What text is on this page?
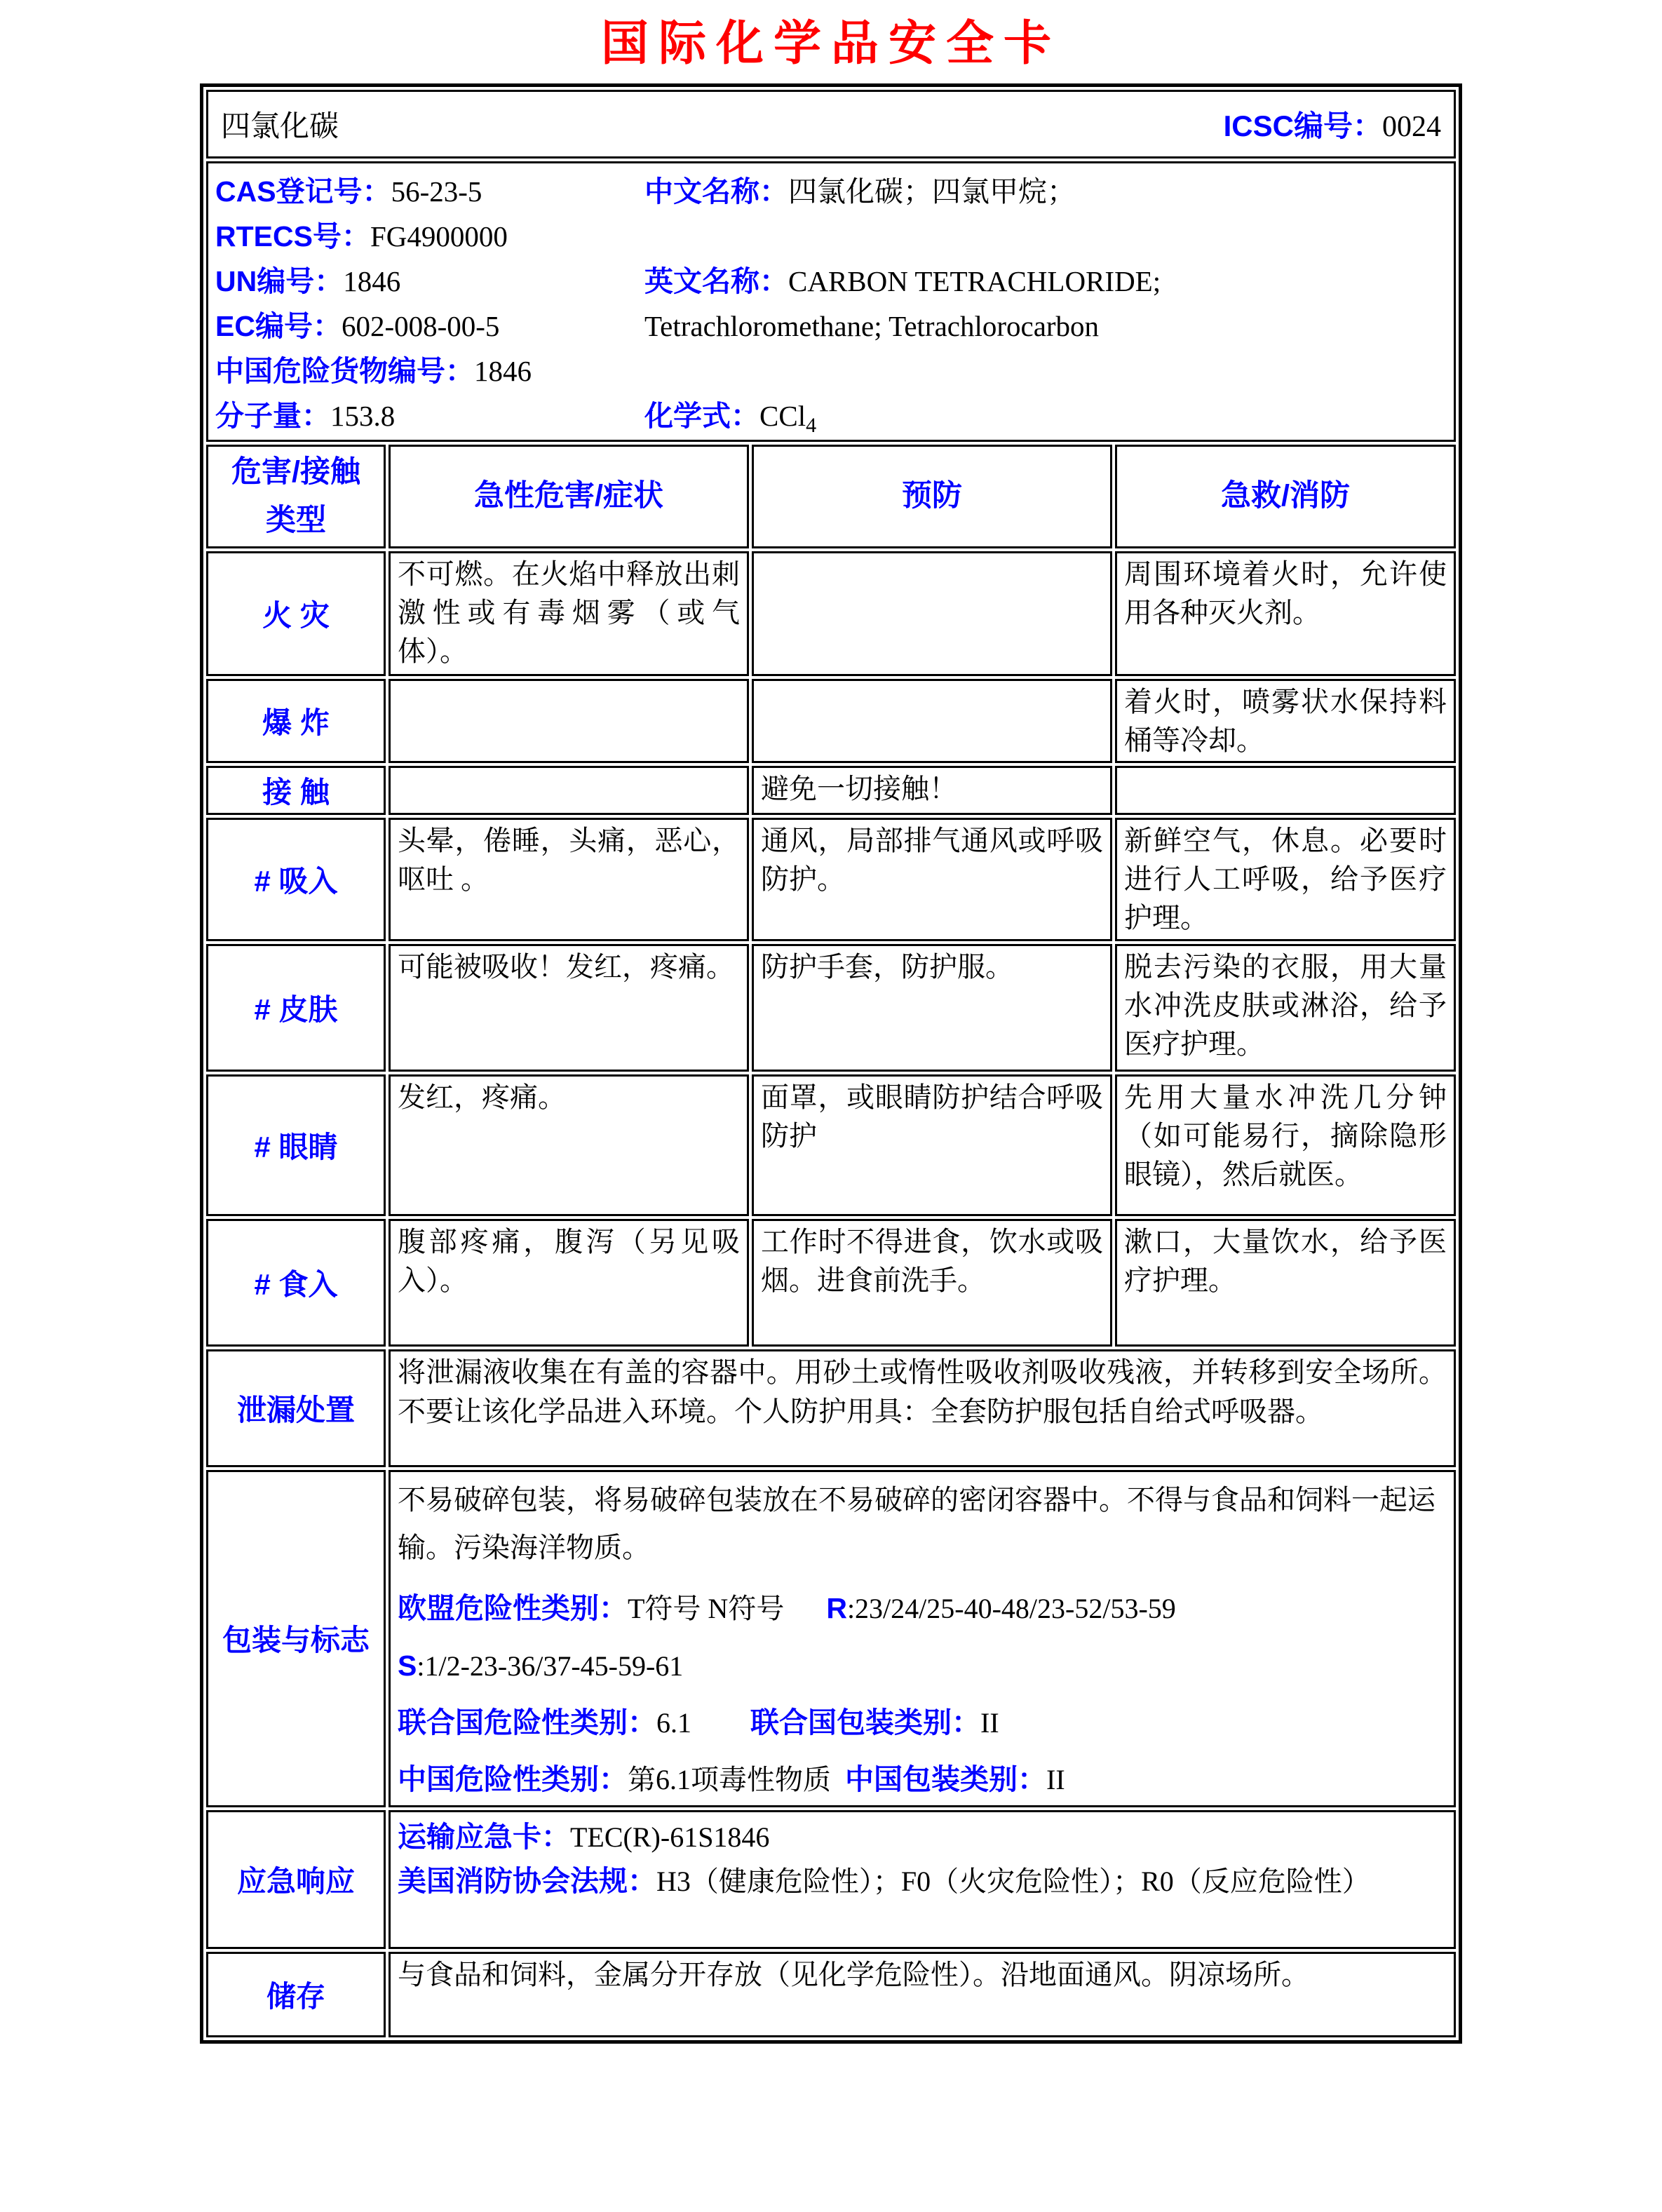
国际化学品安全卡
四氯化碳 ICSC编号：0024			

CAS登记号：56-23-5
RTECS号：FG4900000
UN编号：1846
EC编号：602-008-00-5
中国危险货物编号：1846
分子量：153.8
中文名称：四氯化碳；四氯甲烷；
英文名称：CARBON TETRACHLORIDE;
Tetrachloromethane; Tetrachlorocarbon
化学式：CCl$_4$

危害/接触类型	急性危害/症状	预防	急救/消防
火 灾	不可燃。在火焰中释放出刺激性或有毒烟雾（或气体）。		周围环境着火时，允许使用各种灭火剂。
爆 炸			着火时，喷雾状水保持料桶等冷却。
接 触		避免一切接触！	
# 吸入	头晕，倦睡，头痛，恶心，呕吐 。	通风，局部排气通风或呼吸防护。	新鲜空气，休息。必要时进行人工呼吸，给予医疗护理。
# 皮肤	可能被吸收！发红，疼痛。	防护手套，防护服。	脱去污染的衣服，用大量水冲洗皮肤或淋浴，给予医疗护理。
# 眼睛	发红，疼痛。	面罩，或眼睛防护结合呼吸防护	先用大量水冲洗几分钟（如可能易行，摘除隐形眼镜），然后就医。
# 食入	腹部疼痛，腹泻（另见吸入）。	工作时不得进食，饮水或吸烟。进食前洗手。	漱口，大量饮水，给予医疗护理。
泄漏处置	将泄漏液收集在有盖的容器中。用砂土或惰性吸收剂吸收残液，并转移到安全场所。不要让该化学品进入环境。个人防护用具：全套防护服包括自给式呼吸器。		
包装与标志	不易破碎包装，将易破碎包装放在不易破碎的密闭容器中。不得与食品和饲料一起运输。污染海洋物质。
欧盟危险性类别：T符号 N符号 R:23/24/25-40-48/23-52/53-59
S:1/2-23-36/37-45-59-61
联合国危险性类别：6.1 联合国包装类别：II
中国危险性类别：第6.1项毒性物质 中国包装类别：II		

应急响应	运输应急卡：TEC(R)-61S1846
美国消防协会法规：H3（健康危险性）；F0（火灾危险性）；R0（反应危险性）		

储存	与食品和饲料，金属分开存放（见化学危险性）。沿地面通风。阴凉场所。		
